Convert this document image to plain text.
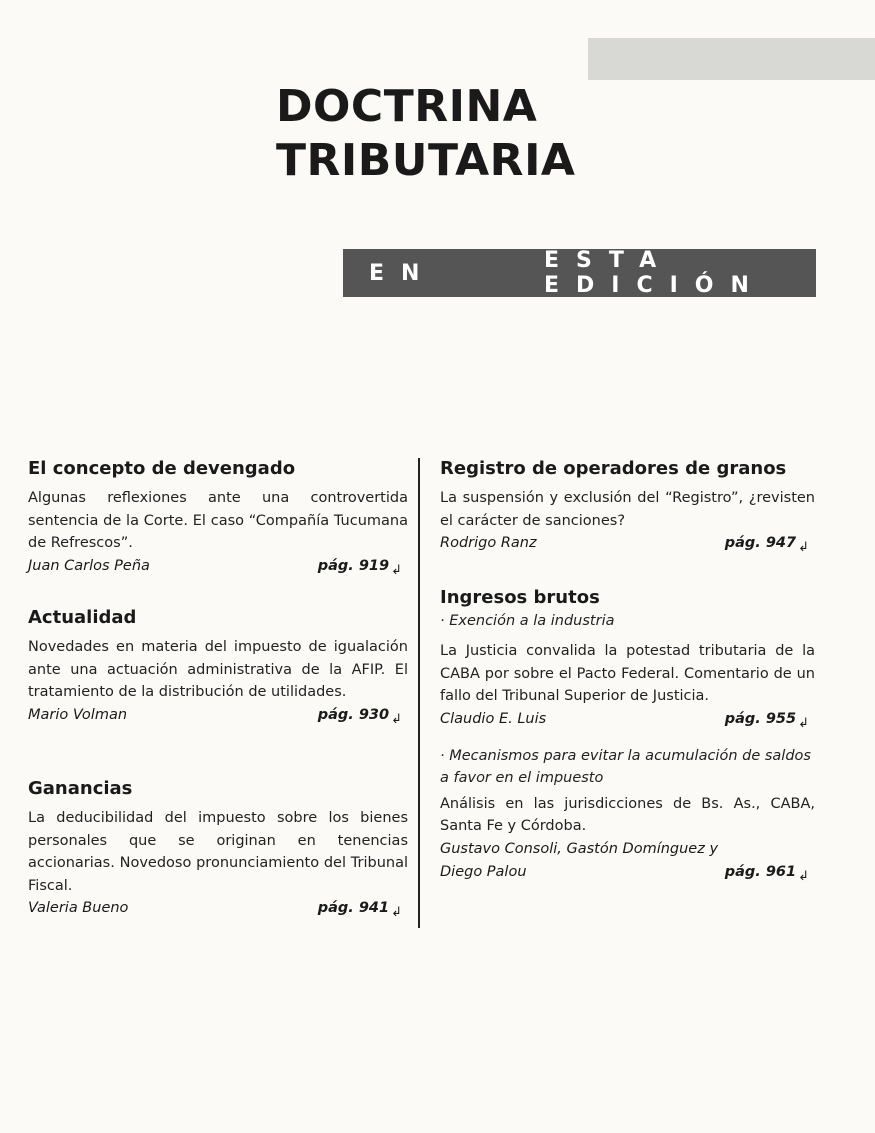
DOCTRINA
TRIBUTARIA
EN	ESTA EDICIÓN
El concepto de devengado

Algunas reflexiones ante una controvertida sentencia de la Corte. El caso “Compañía Tucumana de Refrescos”.

Juan Carlos Peña	pág. 919 ↲
Actualidad

Novedades en materia del impuesto de igualación ante una actuación administrativa de la AFIP. El tratamiento de la distribución de utilidades.

Mario Volman	pág. 930 ↲
Ganancias

La deducibilidad del impuesto sobre los bienes personales que se originan en tenencias accionarias. Novedoso pronunciamiento del Tribunal Fiscal.

Valeria Bueno	pág. 941 ↲
Registro de operadores de granos

La suspensión y exclusión del “Registro”, ¿revisten el carácter de sanciones?

Rodrigo Ranz	pág. 947 ↲
Ingresos brutos
· Exención a la industria

La Justicia convalida la potestad tributaria de la CABA por sobre el Pacto Federal. Comentario de un fallo del Tribunal Superior de Justicia.

Claudio E. Luis	pág. 955 ↲
· Mecanismos para evitar la acumulación de saldos a favor en el impuesto

Análisis en las jurisdicciones de Bs. As., CABA, Santa Fe y Córdoba.

Gustavo Consoli, Gastón Domínguez y
Diego Palou	pág. 961 ↲
